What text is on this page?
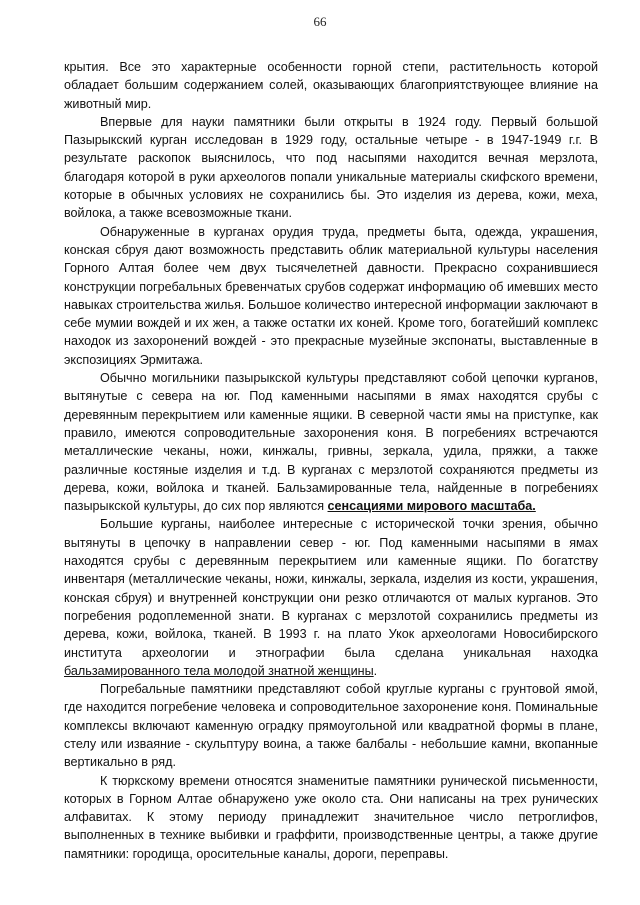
66

крытия. Все это характерные особенности горной степи, растительность которой обладает большим содержанием солей, оказывающих благоприятствующее влияние на животный мир.

Впервые для науки памятники были открыты в 1924 году. Первый большой Пазырыкский курган исследован в 1929 году, остальные четыре - в 1947-1949 г.г. В результате раскопок выяснилось, что под насыпями находится вечная мерзлота, благодаря которой в руки археологов попали уникальные материалы скифского времени, которые в обычных условиях не сохранились бы. Это изделия из дерева, кожи, меха, войлока, а также всевозможные ткани.

Обнаруженные в курганах орудия труда, предметы быта, одежда, украшения, конская сбруя дают возможность представить облик материальной культуры населения Горного Алтая более чем двух тысячелетней давности. Прекрасно сохранившиеся конструкции погребальных бревенчатых срубов содержат информацию об имевших место навыках строительства жилья. Большое количество интересной информации заключают в себе мумии вождей и их жен, а также остатки их коней. Кроме того, богатейший комплекс находок из захоронений вождей - это прекрасные музейные экспонаты, выставленные в экспозициях Эрмитажа.

Обычно могильники пазырыкской культуры представляют собой цепочки курганов, вытянутые с севера на юг. Под каменными насыпями в ямах находятся срубы с деревянным перекрытием или каменные ящики. В северной части ямы на приступке, как правило, имеются сопроводительные захоронения коня. В погребениях встречаются металлические чеканы, ножи, кинжалы, гривны, зеркала, удила, пряжки, а также различные костяные изделия и т.д. В курганах с мерзлотой сохраняются предметы из дерева, кожи, войлока и тканей. Бальзамированные тела, найденные в погребениях пазырыкской культуры, до сих пор являются сенсациями мирового масштаба.

Большие курганы, наиболее интересные с исторической точки зрения, обычно вытянуты в цепочку в направлении север - юг. Под каменными насыпями в ямах находятся срубы с деревянным перекрытием или каменные ящики. По богатству инвентаря (металлические чеканы, ножи, кинжалы, зеркала, изделия из кости, украшения, конская сбруя) и внутренней конструкции они резко отличаются от малых курганов. Это погребения родоплеменной знати. В курганах с мерзлотой сохранились предметы из дерева, кожи, войлока, тканей. В 1993 г. на плато Укок археологами Новосибирского института археологии и этнографии была сделана уникальная находка бальзамированного тела молодой знатной женщины.

Погребальные памятники представляют собой круглые курганы с грунтовой ямой, где находится погребение человека и сопроводительное захоронение коня. Поминальные комплексы включают каменную оградку прямоугольной или квадратной формы в плане, стелу или изваяние - скульптуру воина, а также балбалы - небольшие камни, вкопанные вертикально в ряд.

К тюркскому времени относятся знаменитые памятники рунической письменности, которых в Горном Алтае обнаружено уже около ста. Они написаны на трех рунических алфавитах. К этому периоду принадлежит значительное число петроглифов, выполненных в технике выбивки и граффити, производственные центры, а также другие памятники: городища, оросительные каналы, дороги, переправы.
